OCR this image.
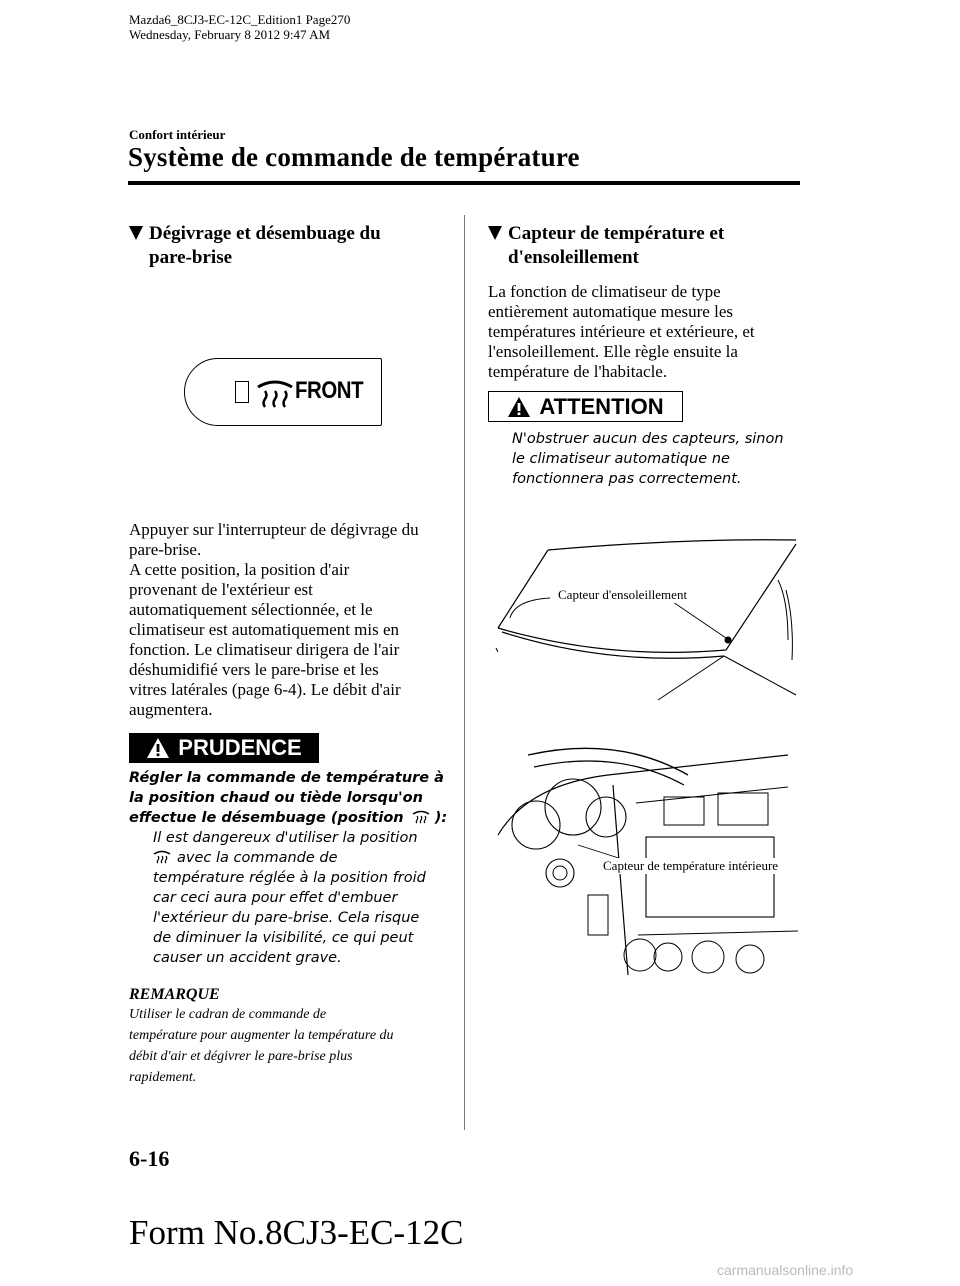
Mazda6_8CJ3-EC-12C_Edition1 Page270
Wednesday, February 8 2012 9:47 AM
Confort intérieur
Système de commande de température
Dégivrage et désembuage du
pare-brise
FRONT
Appuyer sur l'interrupteur de dégivrage du
pare-brise.
A cette position, la position d'air
provenant de l'extérieur est
automatiquement sélectionnée, et le
climatiseur est automatiquement mis en
fonction. Le climatiseur dirigera de l'air
déshumidifié vers le pare-brise et les
vitres latérales (page 6-4). Le débit d'air
augmentera.
PRUDENCE
Régler la commande de température à
la position chaud ou tiède lorsqu'on
effectue le désembuage (position ):
Il est dangereux d'utiliser la position
avec la commande de
température réglée à la position froid
car ceci aura pour effet d'embuer
l'extérieur du pare-brise. Cela risque
de diminuer la visibilité, ce qui peut
causer un accident grave.
REMARQUE
Utiliser le cadran de commande de
température pour augmenter la température du
débit d'air et dégivrer le pare-brise plus
rapidement.
Capteur de température et
d'ensoleillement
La fonction de climatiseur de type
entièrement automatique mesure les
températures intérieure et extérieure, et
l'ensoleillement. Elle règle ensuite la
température de l'habitacle.
ATTENTION
N'obstruer aucun des capteurs, sinon
le climatiseur automatique ne
fonctionnera pas correctement.
Capteur d'ensoleillement
Capteur de température intérieure
6-16
Form No.8CJ3-EC-12C
carmanualsonline.info
